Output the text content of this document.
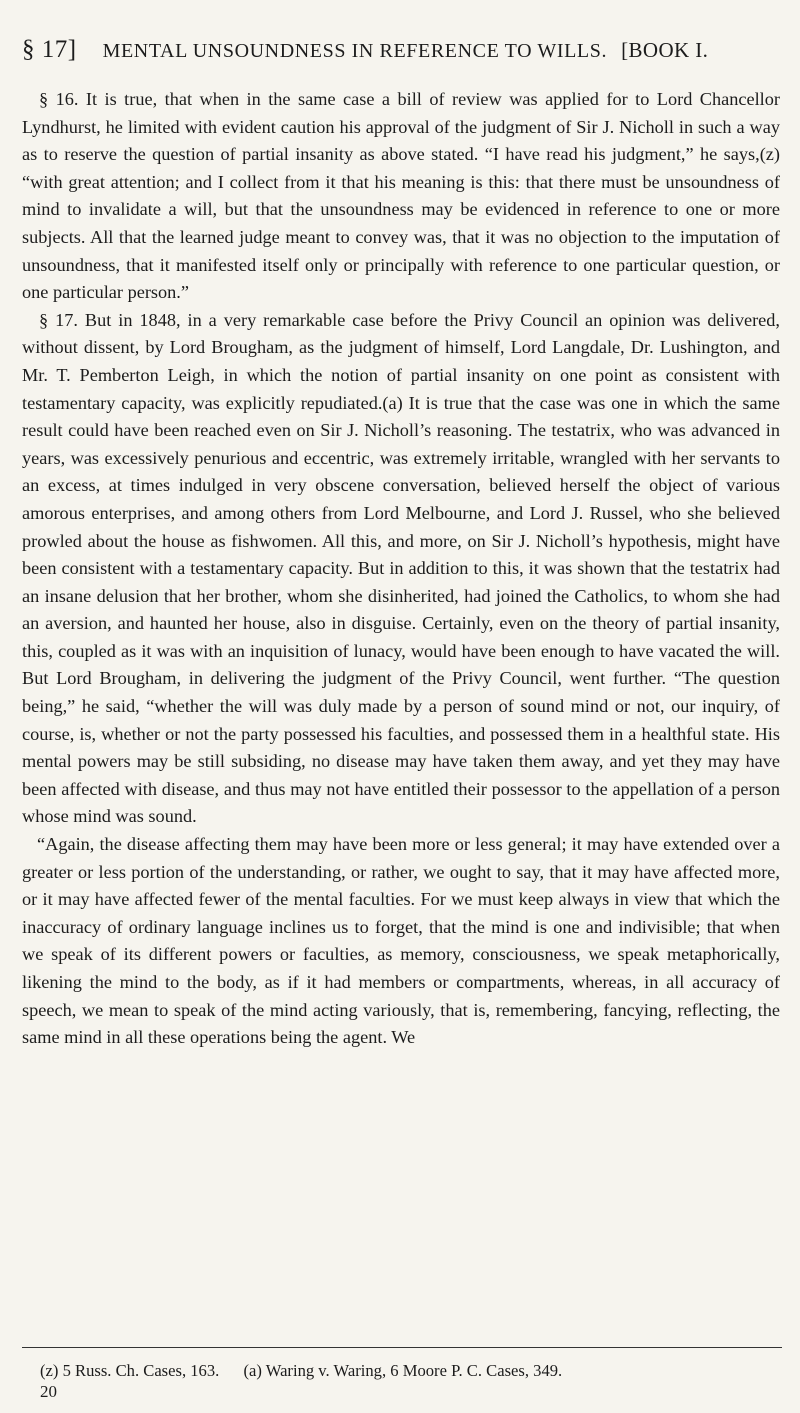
§ 17] MENTAL UNSOUNDNESS IN REFERENCE TO WILLS. [BOOK I.

§ 16. It is true, that when in the same case a bill of review was applied for to Lord Chancellor Lyndhurst, he limited with evident caution his approval of the judgment of Sir J. Nicholl in such a way as to reserve the question of partial insanity as above stated. “I have read his judgment,” he says,(z) “with great attention; and I collect from it that his meaning is this: that there must be unsoundness of mind to invalidate a will, but that the unsoundness may be evidenced in reference to one or more subjects. All that the learned judge meant to convey was, that it was no objection to the imputation of unsoundness, that it manifested itself only or principally with reference to one particular question, or one particular person.”

§ 17. But in 1848, in a very remarkable case before the Privy Council an opinion was delivered, without dissent, by Lord Brougham, as the judgment of himself, Lord Langdale, Dr. Lushington, and Mr. T. Pemberton Leigh, in which the notion of partial insanity on one point as consistent with testamentary capacity, was explicitly repudiated.(a) It is true that the case was one in which the same result could have been reached even on Sir J. Nicholl’s reasoning. The testatrix, who was advanced in years, was excessively penurious and eccentric, was extremely irritable, wrangled with her servants to an excess, at times indulged in very obscene conversation, believed herself the object of various amorous enterprises, and among others from Lord Melbourne, and Lord J. Russel, who she believed prowled about the house as fishwomen. All this, and more, on Sir J. Nicholl’s hypothesis, might have been consistent with a testamentary capacity. But in addition to this, it was shown that the testatrix had an insane delusion that her brother, whom she disinherited, had joined the Catholics, to whom she had an aversion, and haunted her house, also in disguise. Certainly, even on the theory of partial insanity, this, coupled as it was with an inquisition of lunacy, would have been enough to have vacated the will. But Lord Brougham, in delivering the judgment of the Privy Council, went further. “The question being,” he said, “whether the will was duly made by a person of sound mind or not, our inquiry, of course, is, whether or not the party possessed his faculties, and possessed them in a healthful state. His mental powers may be still subsiding, no disease may have taken them away, and yet they may have been affected with disease, and thus may not have entitled their possessor to the appellation of a person whose mind was sound.

“Again, the disease affecting them may have been more or less general; it may have extended over a greater or less portion of the understanding, or rather, we ought to say, that it may have affected more, or it may have affected fewer of the mental faculties. For we must keep always in view that which the inaccuracy of ordinary language inclines us to forget, that the mind is one and indivisible; that when we speak of its different powers or faculties, as memory, consciousness, we speak metaphorically, likening the mind to the body, as if it had members or compartments, whereas, in all accuracy of speech, we mean to speak of the mind acting variously, that is, remembering, fancying, reflecting, the same mind in all these operations being the agent. We

(z) 5 Russ. Ch. Cases, 163. (a) Waring v. Waring, 6 Moore P. C. Cases, 349.
20
